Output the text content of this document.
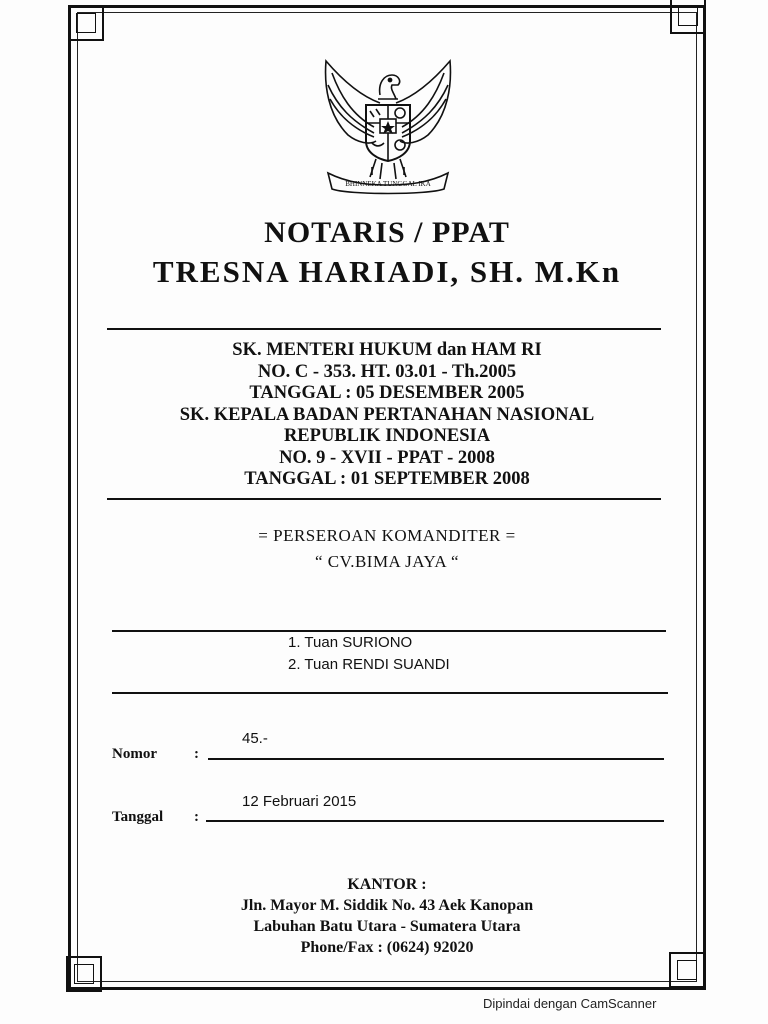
BHINNEKA TUNGGAL IKA
NOTARIS / PPAT
TRESNA HARIADI, SH. M.Kn
SK. MENTERI HUKUM dan HAM RI
NO. C - 353. HT. 03.01 - Th.2005
TANGGAL : 05 DESEMBER 2005
SK. KEPALA BADAN PERTANAHAN NASIONAL
REPUBLIK INDONESIA
NO. 9 - XVII - PPAT - 2008
TANGGAL : 01 SEPTEMBER 2008
= PERSEROAN KOMANDITER =
“ CV.BIMA JAYA “
1. Tuan SURIONO
2. Tuan RENDI SUANDI
45.-
Nomor :
12 Februari 2015
Tanggal :
KANTOR :
Jln. Mayor M. Siddik No. 43 Aek Kanopan
Labuhan Batu Utara - Sumatera Utara
Phone/Fax : (0624) 92020
Dipindai dengan CamScanner
